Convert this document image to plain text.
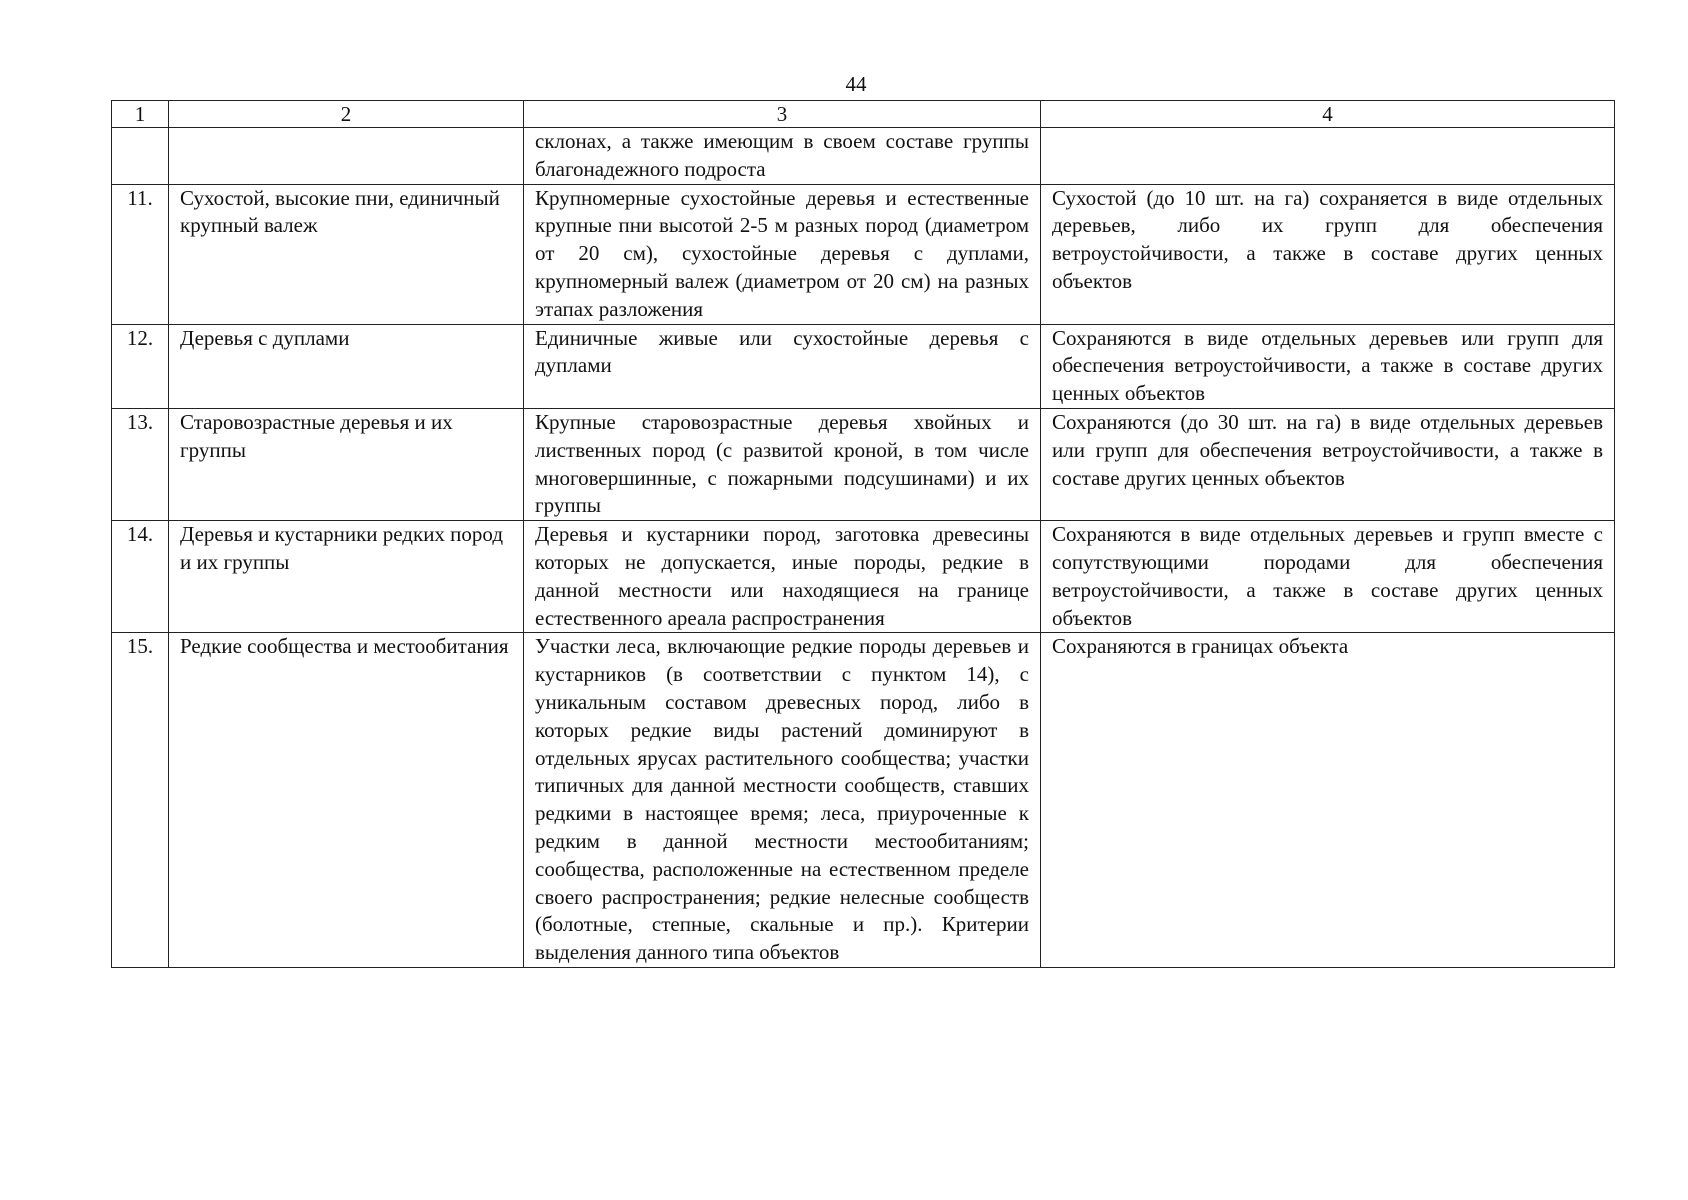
44
1	2	3	4
		склонах, а также имеющим в своем составе группы благонадежного подроста	
11.	Сухостой, высокие пни, единичный крупный валеж	Крупномерные сухостойные деревья и естественные крупные пни высотой 2-5 м разных пород (диаметром от 20 см), сухостойные деревья с дуплами, крупномерный валеж (диаметром от 20 см) на разных этапах разложения	Сухостой (до 10 шт. на га) сохраняется в виде отдельных деревьев, либо их групп для обеспечения ветроустойчивости, а также в составе других ценных объектов
12.	Деревья с дуплами	Единичные живые или сухостойные деревья с дуплами	Сохраняются в виде отдельных деревьев или групп для обеспечения ветроустойчивости, а также в составе других ценных объектов
13.	Старовозрастные деревья и их группы	Крупные старовозрастные деревья хвойных и лиственных пород (с развитой кроной, в том числе многовершинные, с пожарными подсушинами) и их группы	Сохраняются (до 30 шт. на га) в виде отдельных деревьев или групп для обеспечения ветроустойчивости, а также в составе других ценных объектов
14.	Деревья и кустарники редких пород и их группы	Деревья и кустарники пород, заготовка древесины которых не допускается, иные породы, редкие в данной местности или находящиеся на границе естественного ареала распространения	Сохраняются в виде отдельных деревьев и групп вместе с сопутствующими породами для обеспечения ветроустойчивости, а также в составе других ценных объектов
15.	Редкие сообщества и местообитания	Участки леса, включающие редкие породы деревьев и кустарников (в соответствии с пунктом 14), с уникальным составом древесных пород, либо в которых редкие виды растений доминируют в отдельных ярусах растительного сообщества; участки типичных для данной местности сообществ, ставших редкими в настоящее время; леса, приуроченные к редким в данной местности местообитаниям; сообщества, расположенные на естественном пределе своего распространения; редкие нелесные сообществ (болотные, степные, скальные и пр.). Критерии выделения данного типа объектов	Сохраняются в границах объекта
